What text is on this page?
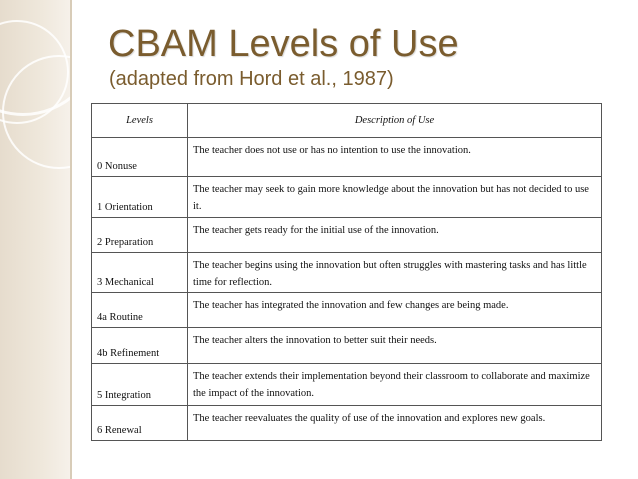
CBAM Levels of Use
(adapted from Hord et al., 1987)
Levels	Description of Use
0 Nonuse	The teacher does not use or has no intention to use the innovation.
1 Orientation	The teacher may seek to gain more knowledge about the innovation but has not decided to use it.
2 Preparation	The teacher gets ready for the initial use of the innovation.
3 Mechanical	The teacher begins using the innovation but often struggles with mastering tasks and has little time for reflection.
4a Routine	The teacher has integrated the innovation and few changes are being made.
4b Refinement	The teacher alters the innovation to better suit their needs.
5 Integration	The teacher extends their implementation beyond their classroom to collaborate and maximize the impact of the innovation.
6 Renewal	The teacher reevaluates the quality of use of the innovation and explores new goals.
